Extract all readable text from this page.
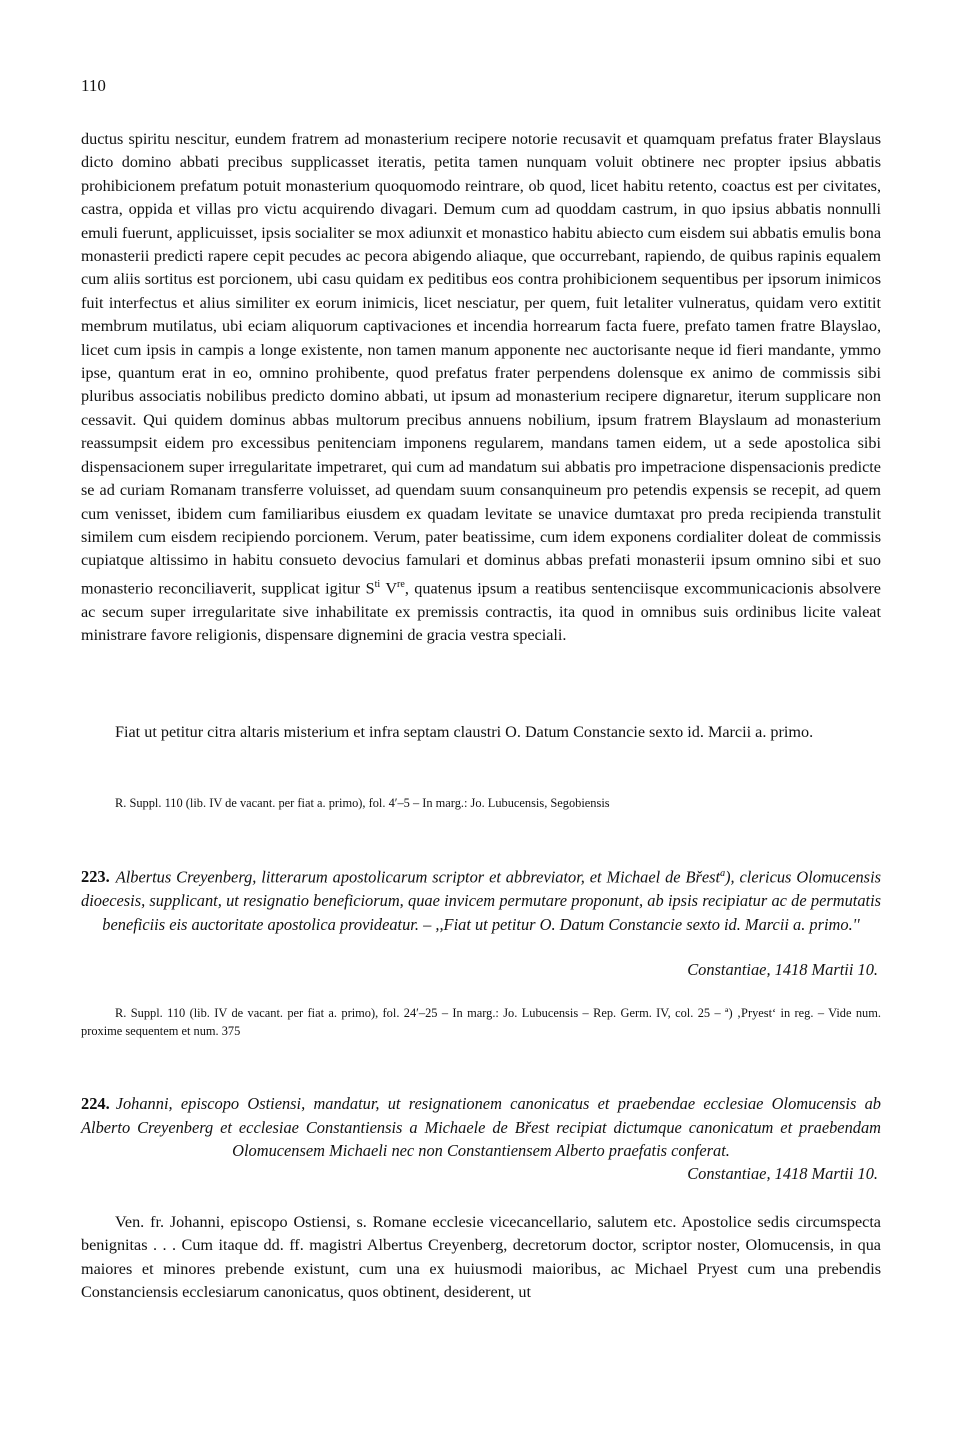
110

ductus spiritu nescitur, eundem fratrem ad monasterium recipere notorie recusavit et quamquam prefatus frater Blayslaus dicto domino abbati precibus supplicasset iteratis, petita tamen nunquam voluit obtinere nec propter ipsius abbatis prohibicionem prefatum potuit monasterium quoquomodo reintrare, ob quod, licet habitu retento, coactus est per civitates, castra, oppida et villas pro victu acquirendo divagari. Demum cum ad quoddam castrum, in quo ipsius abbatis nonnulli emuli fuerunt, applicuisset, ipsis socialiter se mox adiunxit et monastico habitu abiecto cum eisdem sui abbatis emulis bona monasterii predicti rapere cepit pecudes ac pecora abigendo aliaque, que occurrebant, rapiendo, de quibus rapinis equalem cum aliis sortitus est porcionem, ubi casu quidam ex peditibus eos contra prohibicionem sequentibus per ipsorum inimicos fuit interfectus et alius similiter ex eorum inimicis, licet nesciatur, per quem, fuit letaliter vulneratus, quidam vero extitit membrum mutilatus, ubi eciam aliquorum captivaciones et incendia horrearum facta fuere, prefato tamen fratre Blayslao, licet cum ipsis in campis a longe existente, non tamen manum apponente nec auctorisante neque id fieri mandante, ymmo ipse, quantum erat in eo, omnino prohibente, quod prefatus frater perpendens dolensque ex animo de commissis sibi pluribus associatis nobilibus predicto domino abbati, ut ipsum ad monasterium recipere dignaretur, iterum supplicare non cessavit. Qui quidem dominus abbas multorum precibus annuens nobilium, ipsum fratrem Blayslaum ad monasterium reassumpsit eidem pro excessibus penitenciam imponens regularem, mandans tamen eidem, ut a sede apostolica sibi dispensacionem super irregularitate impetraret, qui cum ad mandatum sui abbatis pro impetracione dispensacionis predicte se ad curiam Romanam transferre voluisset, ad quendam suum consanquineum pro petendis expensis se recepit, ad quem cum venisset, ibidem cum familiaribus eiusdem ex quadam levitate se unavice dumtaxat pro preda recipienda transtulit similem cum eisdem recipiendo porcionem. Verum, pater beatissime, cum idem exponens cordialiter doleat de commissis cupiatque altissimo in habitu consueto devocius famulari et dominus abbas prefati monasterii ipsum omnino sibi et suo monasterio reconciliaverit, supplicat igitur $S^{ti}$ Vre, quatenus ipsum a reatibus sentenciisque excommunicacionis absolvere ac secum super irregularitate sive inhabilitate ex premissis contractis, ita quod in omnibus suis ordinibus licite valeat ministrare favore religionis, dispensare dignemini de gracia vestra speciali.

Fiat ut petitur citra altaris misterium et infra septam claustri O. Datum Constancie sexto id. Marcii a. primo.

R. Suppl. 110 (lib. IV de vacant. per fiat a. primo), fol. 4′–5 – In marg.: Jo. Lubucensis, Segobiensis

223. Albertus Creyenberg, litterarum apostolicarum scriptor et abbreviator, et Michael de Břest$^a$), clericus Olomucensis dioecesis, supplicant, ut resignatio beneficiorum, quae invicem permutare proponunt, ab ipsis recipiatur ac de permutatis beneficiis eis auctoritate apostolica provideatur. – ,,Fiat ut petitur O. Datum Constancie sexto id. Marcii a. primo.''

Constantiae, 1418 Martii 10.

R. Suppl. 110 (lib. IV de vacant. per fiat a. primo), fol. 24′–25 – In marg.: Jo. Lubucensis – Rep. Germ. IV, col. 25 – ª) ‚Pryest‘ in reg. – Vide num. proxime sequentem et num. 375

224. Johanni, episcopo Ostiensi, mandatur, ut resignationem canonicatus et praebendae ecclesiae Olomucensis ab Alberto Creyenberg et ecclesiae Constantiensis a Michaele de Břest recipiat dictumque canonicatum et praebendam Olomucensem Michaeli nec non Constantiensem Alberto praefatis conferat.

Constantiae, 1418 Martii 10.

Ven. fr. Johanni, episcopo Ostiensi, s. Romane ecclesie vicecancellario, salutem etc. Apostolice sedis circumspecta benignitas . . . Cum itaque dd. ff. magistri Albertus Creyenberg, decretorum doctor, scriptor noster, Olomucensis, in qua maiores et minores prebende existunt, cum una ex huiusmodi maioribus, ac Michael Pryest cum una prebendis Constanciensis ecclesiarum canonicatus, quos obtinent, desiderent, ut
